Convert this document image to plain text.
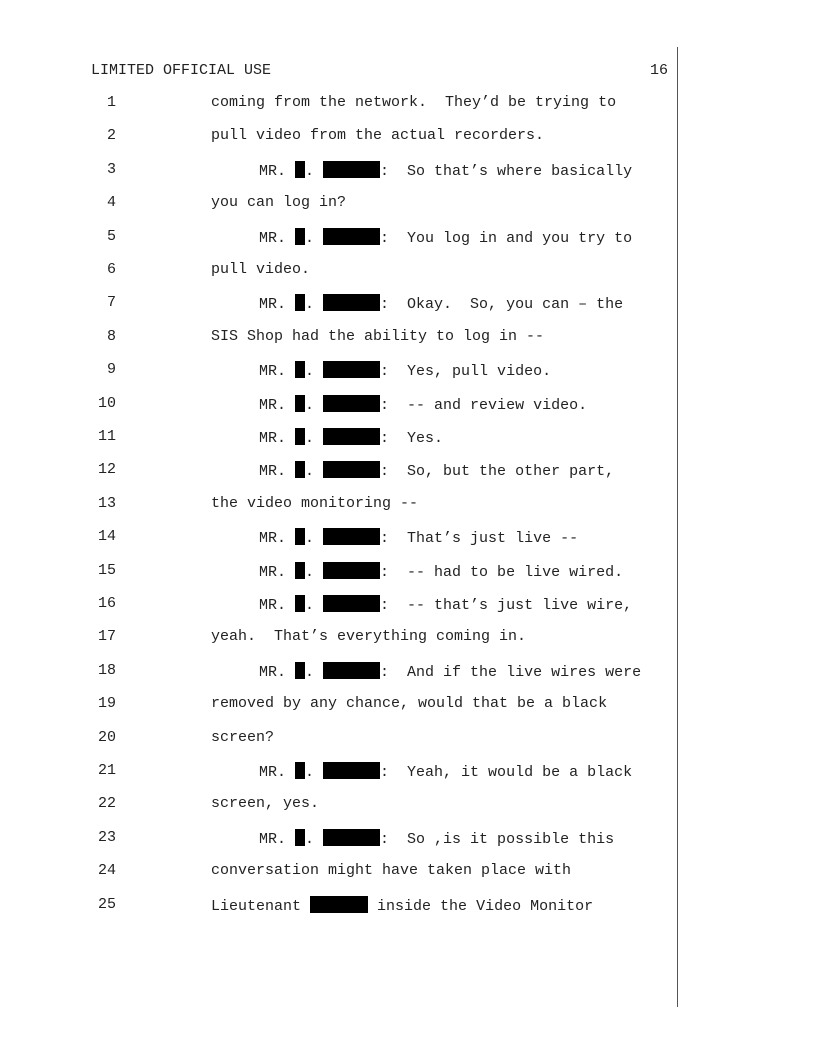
LIMITED OFFICIAL USE	16
1	coming from the network.  They’d be trying to
2	pull video from the actual recorders.
3	MR. .	:  So that’s where basically
4	you can log in?
5	MR. .	:  You log in and you try to
6	pull video.
7	MR. .	:  Okay.  So, you can – the
8	SIS Shop had the ability to log in --
9	MR. .	:  Yes, pull video.
10	MR. .	:  -- and review video.
11	MR. .	:  Yes.
12	MR. .	:  So, but the other part,
13	the video monitoring --
14	MR. .	:  That’s just live --
15	MR. .	:  -- had to be live wired.
16	MR. .	:  -- that’s just live wire,
17	yeah.  That’s everything coming in.
18	MR. .	:  And if the live wires were
19	removed by any chance, would that be a black
20	screen?
21	MR. .	:  Yeah, it would be a black
22	screen, yes.
23	MR. .	:  So ,is it possible this
24	conversation might have taken place with
25	Lieutenant	inside the Video Monitor
